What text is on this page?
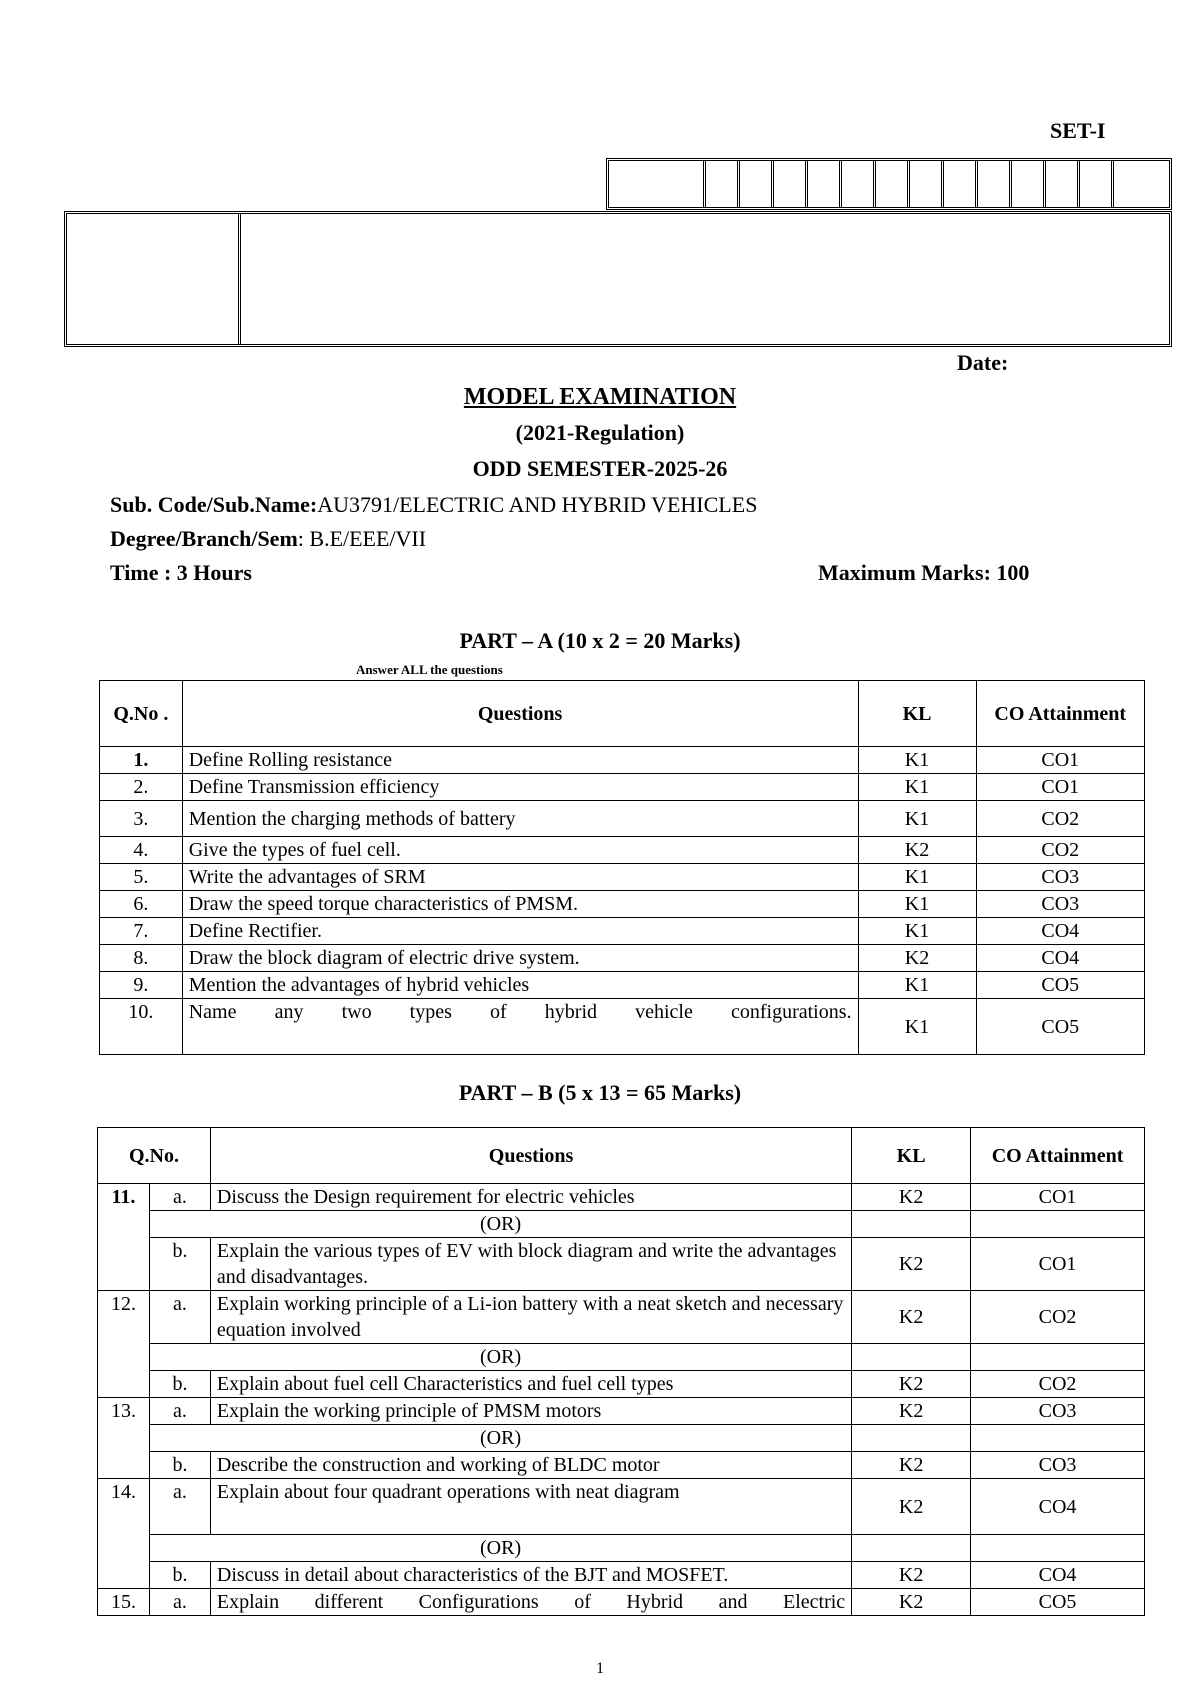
SET-I
Date:
MODEL EXAMINATION
(2021-Regulation)
ODD SEMESTER-2025-26
Sub. Code/Sub.Name:AU3791/ELECTRIC AND HYBRID VEHICLES
Degree/Branch/Sem: B.E/EEE/VII
Time : 3 Hours	Maximum Marks: 100
PART – A (10 x 2 = 20 Marks)
Answer ALL the questions
Q.No .	Questions	KL	CO Attainment
1.	Define Rolling resistance	K1	CO1
2.	Define Transmission efficiency	K1	CO1
3.	Mention the charging methods of battery	K1	CO2
4.	Give the types of fuel cell.	K2	CO2
5.	Write the advantages of SRM	K1	CO3
6.	Draw the speed torque characteristics of PMSM.	K1	CO3
7.	Define Rectifier.	K1	CO4
8.	Draw the block diagram of electric drive system.	K2	CO4
9.	Mention the advantages of hybrid vehicles	K1	CO5
10.	Name any two types of hybrid vehicle configurations.	K1	CO5
PART – B (5 x 13 = 65 Marks)
Q.No.		Questions	KL	CO Attainment
11.	a.	Discuss the Design requirement for electric vehicles	K2	CO1
	(OR)			
	b.	Explain the various types of EV with block diagram and write the advantages and disadvantages.	K2	CO1
12.	a.	Explain working principle of a Li-ion battery with a neat sketch and necessary equation involved	K2	CO2
	(OR)			
	b.	Explain about fuel cell Characteristics and fuel cell types	K2	CO2
13.	a.	Explain the working principle of PMSM motors	K2	CO3
	(OR)			
	b.	Describe the construction and working of BLDC motor	K2	CO3
14.	a.	Explain about four quadrant operations with neat diagram	K2	CO4
	(OR)			
	b.	Discuss in detail about characteristics of the BJT and MOSFET.	K2	CO4
15.	a.	Explain different Configurations of Hybrid and Electric	K2	CO5
1
